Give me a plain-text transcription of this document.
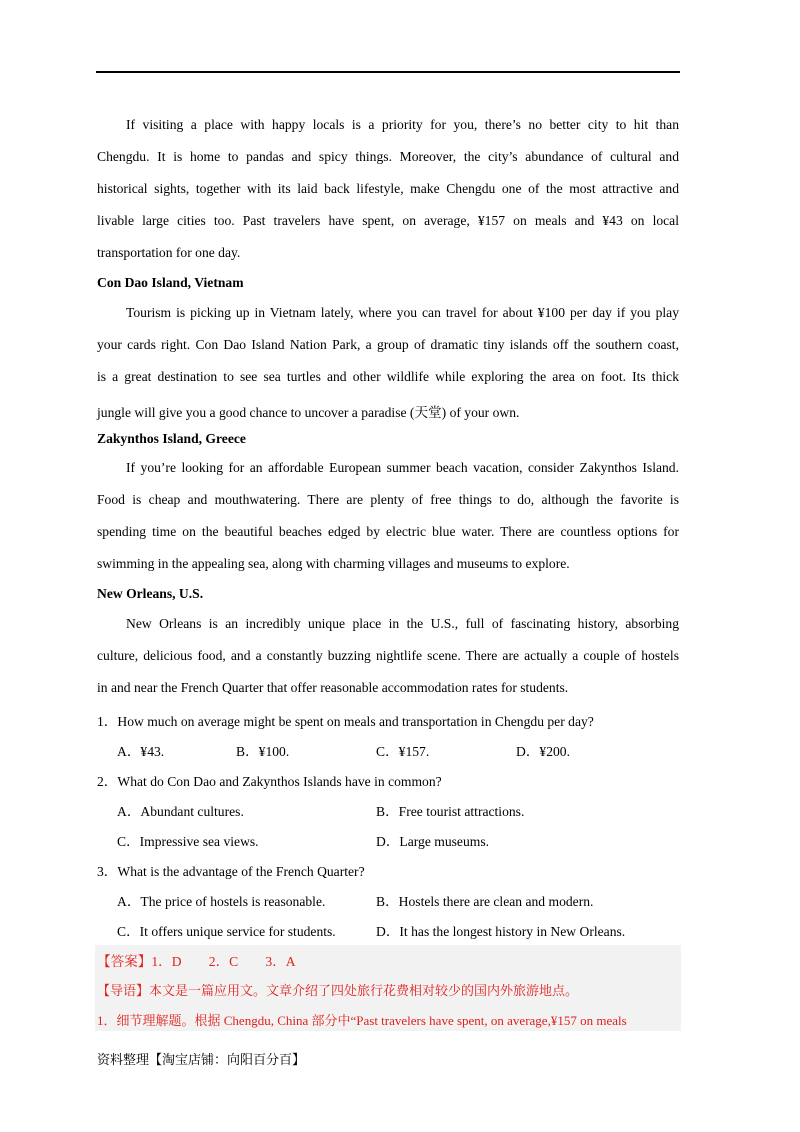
If visiting a place with happy locals is a priority for you, there’s no better city to hit than
Chengdu. It is home to pandas and spicy things. Moreover, the city’s abundance of cultural and
historical sights, together with its laid back lifestyle, make Chengdu one of the most attractive and
livable large cities too. Past travelers have spent, on average, ¥157 on meals and ¥43 on local
transportation for one day.
Con Dao Island, Vietnam
Tourism is picking up in Vietnam lately, where you can travel for about ¥100 per day if you play
your cards right. Con Dao Island Nation Park, a group of dramatic tiny islands off the southern coast,
is a great destination to see sea turtles and other wildlife while exploring the area on foot. Its thick
jungle will give you a good chance to uncover a paradise (天堂) of your own.
Zakynthos Island, Greece
If you’re looking for an affordable European summer beach vacation, consider Zakynthos Island.
Food is cheap and mouthwatering. There are plenty of free things to do, although the favorite is
spending time on the beautiful beaches edged by electric blue water. There are countless options for
swimming in the appealing sea, along with charming villages and museums to explore.
New Orleans, U.S.
New Orleans is an incredibly unique place in the U.S., full of fascinating history, absorbing
culture, delicious food, and a constantly buzzing nightlife scene. There are actually a couple of hostels
in and near the French Quarter that offer reasonable accommodation rates for students.
1．How much on average might be spent on meals and transportation in Chengdu per day?
A．¥43.	B．¥100.	C．¥157.	D．¥200.
2．What do Con Dao and Zakynthos Islands have in common?
A．Abundant cultures.	B．Free tourist attractions.
C．Impressive sea views.	D．Large museums.
3．What is the advantage of the French Quarter?
A．The price of hostels is reasonable.	B．Hostels there are clean and modern.
C．It offers unique service for students.	D．It has the longest history in New Orleans.
【答案】1．D　　2．C　　3．A
【导语】本文是一篇应用文。文章介绍了四处旅行花费相对较少的国内外旅游地点。
1．细节理解题。根据 Chengdu, China 部分中“Past travelers have spent, on average,¥157 on meals
资料整理【淘宝店铺：向阳百分百】
